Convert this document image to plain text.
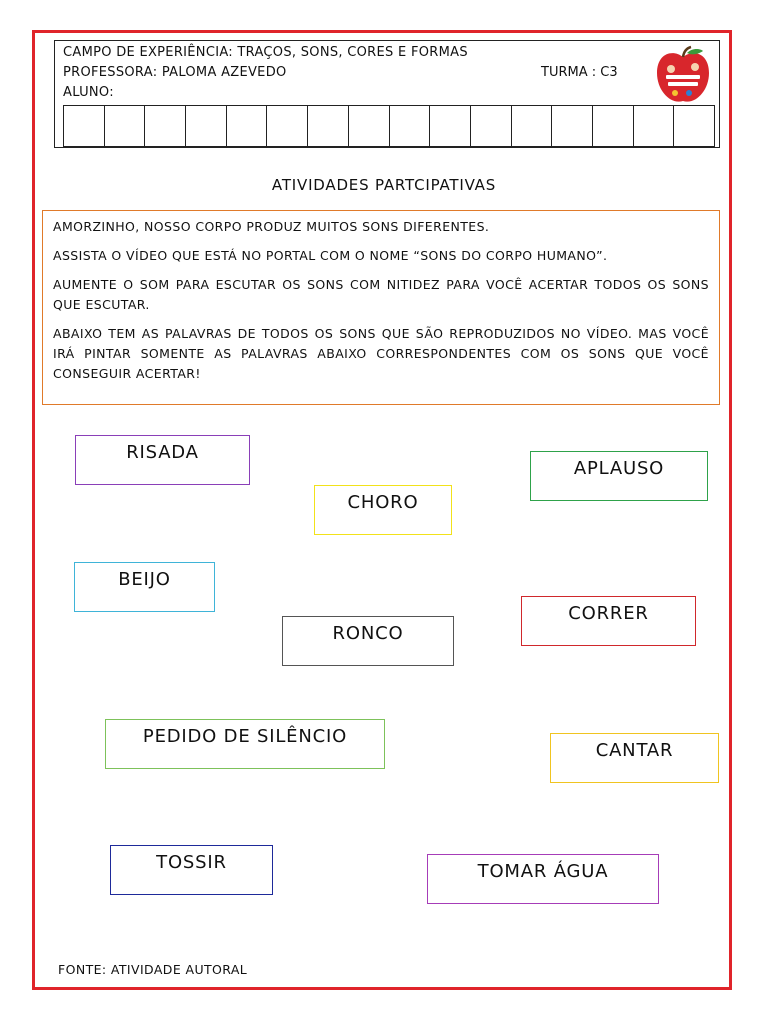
CAMPO DE EXPERIÊNCIA: TRAÇOS, SONS, CORES E FORMAS
PROFESSORA: PALOMA AZEVEDO	TURMA : C3
ALUNO:
ATIVIDADES PARTCIPATIVAS

AMORZINHO, NOSSO CORPO PRODUZ MUITOS SONS DIFERENTES.

ASSISTA O VÍDEO QUE ESTÁ NO PORTAL COM O NOME “SONS DO CORPO HUMANO”.

AUMENTE O SOM PARA ESCUTAR OS SONS COM NITIDEZ PARA VOCÊ ACERTAR TODOS OS SONS QUE ESCUTAR.

ABAIXO TEM AS PALAVRAS DE TODOS OS SONS QUE SÃO REPRODUZIDOS NO VÍDEO. MAS VOCÊ IRÁ PINTAR SOMENTE AS PALAVRAS ABAIXO CORRESPONDENTES COM OS SONS QUE VOCÊ CONSEGUIR ACERTAR!

RISADA
APLAUSO
CHORO
BEIJO
CORRER
RONCO
PEDIDO DE SILÊNCIO
CANTAR
TOSSIR	TOMAR ÁGUA
FONTE: ATIVIDADE AUTORAL
